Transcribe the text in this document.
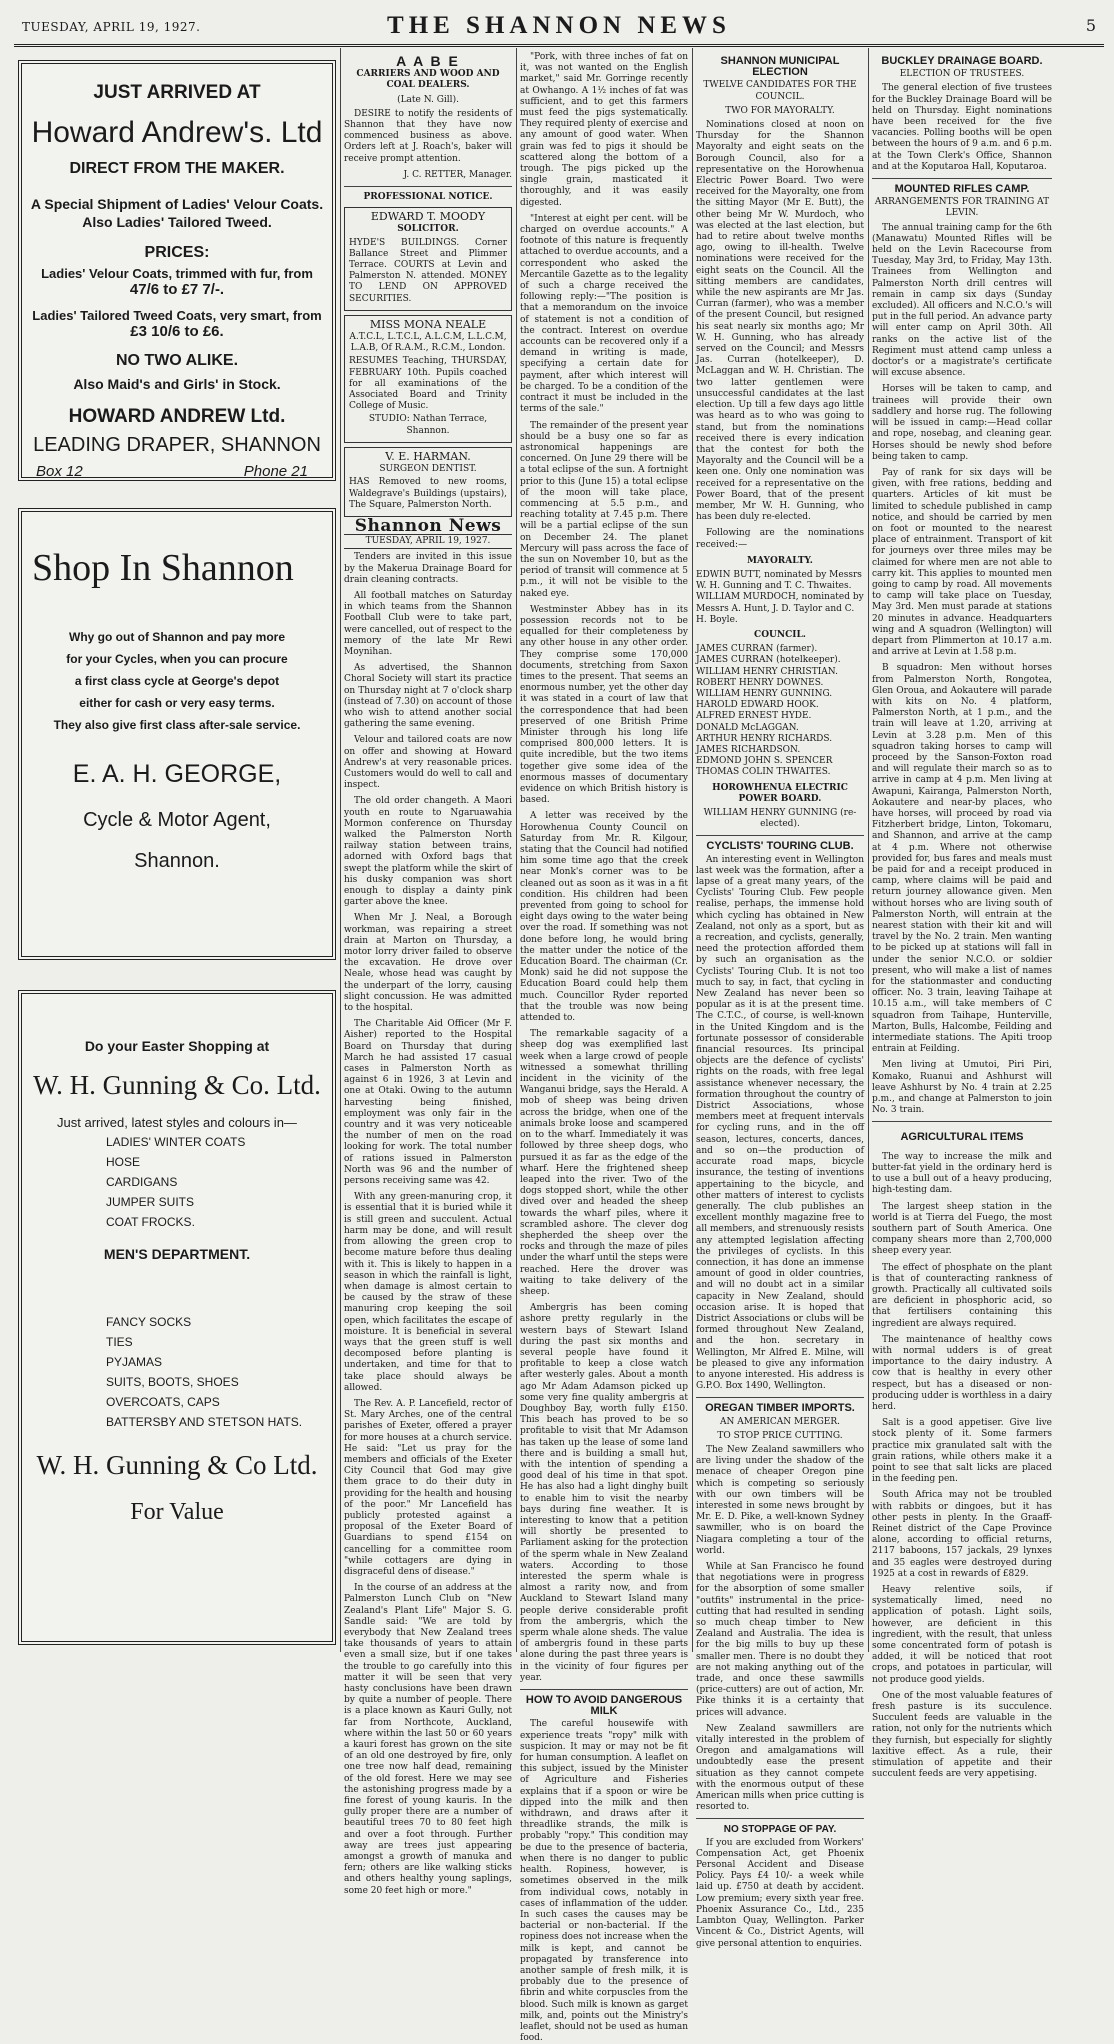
TUESDAY, APRIL 19, 1927.	THE SHANNON NEWS	5

JUST ARRIVED AT

Howard Andrew's. Ltd

DIRECT FROM THE MAKER.

A Special Shipment of Ladies' Velour Coats.

Also Ladies' Tailored Tweed.

PRICES:

Ladies' Velour Coats, trimmed with fur, from

47/6 to £7 7/-.

Ladies' Tailored Tweed Coats, very smart, from

£3 10/6 to £6.

NO TWO ALIKE.

Also Maid's and Girls' in Stock.

HOWARD ANDREW Ltd.

LEADING DRAPER, SHANNON

Box 12	Phone 21

Shop In Shannon

Why go out of Shannon and pay more

for your Cycles, when you can procure

a first class cycle at George's depot

either for cash or very easy terms.

They also give first class after-sale service.

E. A. H. GEORGE,

Cycle & Motor Agent,

Shannon.

Do your Easter Shopping at

W. H. Gunning & Co. Ltd.

Just arrived, latest styles and colours in—

LADIES' WINTER COATS
HOSE
CARDIGANS
JUMPER SUITS
COAT FROCKS.

MEN'S DEPARTMENT.

FANCY SOCKS
TIES
PYJAMAS
SUITS, BOOTS, SHOES
OVERCOATS, CAPS
BATTERSBY AND STETSON HATS.

W. H. Gunning & Co Ltd.

For Value

A A B E

CARRIERS AND WOOD AND COAL DEALERS.

(Late N. Gill).

DESIRE to notify the residents of Shannon that they have now commenced business as above. Orders left at J. Roach's, baker will receive prompt attention.

J. C. RETTER, Manager.

PROFESSIONAL NOTICE.

EDWARD T. MOODY

SOLICITOR.

HYDE'S BUILDINGS. Corner Ballance Street and Plimmer Terrace. COURTS at Levin and Palmerston N. attended. MONEY TO LEND ON APPROVED SECURITIES.

MISS MONA NEALE

A.T.C.L, L.T.C.L, A.L.C.M, L.L.C.M, L.A.B, Of R.A.M., R.C.M., London.

RESUMES Teaching, THURSDAY, FEBRUARY 10th. Pupils coached for all examinations of the Associated Board and Trinity College of Music.

STUDIO: Nathan Terrace, Shannon.

V. E. HARMAN.

SURGEON DENTIST.

HAS Removed to new rooms, Waldegrave's Buildings (upstairs), The Square, Palmerston North.

Shannon News

TUESDAY, APRIL 19, 1927.

Tenders are invited in this issue by the Makerua Drainage Board for drain cleaning contracts.

All football matches on Saturday in which teams from the Shannon Football Club were to take part, were cancelled, out of respect to the memory of the late Mr Rewi Moynihan.

As advertised, the Shannon Choral Society will start its practice on Thursday night at 7 o'clock sharp (instead of 7.30) on account of those who wish to attend another social gathering the same evening.

Velour and tailored coats are now on offer and showing at Howard Andrew's at very reasonable prices. Customers would do well to call and inspect.

The old order changeth. A Maori youth en route to Ngaruawahia Mormon conference on Thursday walked the Palmerston North railway station between trains, adorned with Oxford bags that swept the platform while the skirt of his dusky companion was short enough to display a dainty pink garter above the knee.

When Mr J. Neal, a Borough workman, was repairing a street drain at Marton on Thursday, a motor lorry driver failed to observe the excavation. He drove over Neale, whose head was caught by the underpart of the lorry, causing slight concussion. He was admitted to the hospital.

The Charitable Aid Officer (Mr F. Aisher) reported to the Hospital Board on Thursday that during March he had assisted 17 casual cases in Palmerston North as against 6 in 1926, 3 at Levin and one at Otaki. Owing to the autumn harvesting being finished, employment was only fair in the country and it was very noticeable the number of men on the road looking for work. The total number of rations issued in Palmerston North was 96 and the number of persons receiving same was 42.

With any green-manuring crop, it is essential that it is buried while it is still green and succulent. Actual harm may be done, and will result from allowing the green crop to become mature before thus dealing with it. This is likely to happen in a season in which the rainfall is light, when damage is almost certain to be caused by the straw of these manuring crop keeping the soil open, which facilitates the escape of moisture. It is beneficial in several ways that the green stuff is well decomposed before planting is undertaken, and time for that to take place should always be allowed.

The Rev. A. P. Lancefield, rector of St. Mary Arches, one of the central parishes of Exeter, offered a prayer for more houses at a church service. He said: "Let us pray for the members and officials of the Exeter City Council that God may give them grace to do their duty in providing for the health and housing of the poor." Mr Lancefield has publicly protested against a proposal of the Exeter Board of Guardians to spend £154 on cancelling for a committee room "while cottagers are dying in disgraceful dens of disease."

In the course of an address at the Palmerston Lunch Club on "New Zealand's Plant Life" Major S. G. Sandle said: "We are told by everybody that New Zealand trees take thousands of years to attain even a small size, but if one takes the trouble to go carefully into this matter it will be seen that very hasty conclusions have been drawn by quite a number of people. There is a place known as Kauri Gully, not far from Northcote, Auckland, where within the last 50 or 60 years a kauri forest has grown on the site of an old one destroyed by fire, only one tree now half dead, remaining of the old forest. Here we may see the astonishing progress made by a fine forest of young kauris. In the gully proper there are a number of beautiful trees 70 to 80 feet high and over a foot through. Further away are trees just appearing amongst a growth of manuka and fern; others are like walking sticks and others healthy young saplings, some 20 feet high or more."

"Pork, with three inches of fat on it, was not wanted on the English market," said Mr. Gorringe recently at Owhango. A 1½ inches of fat was sufficient, and to get this farmers must feed the pigs systematically. They required plenty of exercise and any amount of good water. When grain was fed to pigs it should be scattered along the bottom of a trough. The pigs picked up the single grain, masticated it thoroughly, and it was easily digested.

"Interest at eight per cent. will be charged on overdue accounts." A footnote of this nature is frequently attached to overdue accounts, and a correspondent who asked the Mercantile Gazette as to the legality of such a charge received the following reply:—"The position is that a memorandum on the invoice of statement is not a condition of the contract. Interest on overdue accounts can be recovered only if a demand in writing is made, specifying a certain date for payment, after which interest will be charged. To be a condition of the contract it must be included in the terms of the sale."

The remainder of the present year should be a busy one so far as astronomical happenings are concerned. On June 29 there will be a total eclipse of the sun. A fortnight prior to this (June 15) a total eclipse of the moon will take place, commencing at 5.5 p.m., and reaching totality at 7.45 p.m. There will be a partial eclipse of the sun on December 24. The planet Mercury will pass across the face of the sun on November 10, but as the period of transit will commence at 5 p.m., it will not be visible to the naked eye.

Westminster Abbey has in its possession records not to be equalled for their completeness by any other house in any other order. They comprise some 170,000 documents, stretching from Saxon times to the present. That seems an enormous number, yet the other day it was stated in a court of law that the correspondence that had been preserved of one British Prime Minister through his long life comprised 800,000 letters. It is quite incredible, but the two items together give some idea of the enormous masses of documentary evidence on which British history is based.

A letter was received by the Horowhenua County Council on Saturday from Mr. R. Kilgour, stating that the Council had notified him some time ago that the creek near Monk's corner was to be cleaned out as soon as it was in a fit condition. His children had been prevented from going to school for eight days owing to the water being over the road. If something was not done before long, he would bring the matter under the notice of the Education Board. The chairman (Cr. Monk) said he did not suppose the Education Board could help them much. Councillor Ryder reported that the trouble was now being attended to.

The remarkable sagacity of a sheep dog was exemplified last week when a large crowd of people witnessed a somewhat thrilling incident in the vicinity of the Wanganui bridge, says the Herald. A mob of sheep was being driven across the bridge, when one of the animals broke loose and scampered on to the wharf. Immediately it was followed by three sheep dogs, who pursued it as far as the edge of the wharf. Here the frightened sheep leaped into the river. Two of the dogs stopped short, while the other dived over and headed the sheep towards the wharf piles, where it scrambled ashore. The clever dog shepherded the sheep over the rocks and through the maze of piles under the wharf until the steps were reached. Here the drover was waiting to take delivery of the sheep.

Ambergris has been coming ashore pretty regularly in the western bays of Stewart Island during the past six months and several people have found it profitable to keep a close watch after westerly gales. About a month ago Mr Adam Adamson picked up some very fine quality ambergris at Doughboy Bay, worth fully £150. This beach has proved to be so profitable to visit that Mr Adamson has taken up the lease of some land there and is building a small hut, with the intention of spending a good deal of his time in that spot. He has also had a light dinghy built to enable him to visit the nearby bays during fine weather. It is interesting to know that a petition will shortly be presented to Parliament asking for the protection of the sperm whale in New Zealand waters. According to those interested the sperm whale is almost a rarity now, and from Auckland to Stewart Island many people derive considerable profit from the ambergris, which the sperm whale alone sheds. The value of ambergris found in these parts alone during the past three years is in the vicinity of four figures per year.

HOW TO AVOID DANGEROUS MILK

The careful housewife with experience treats "ropy" milk with suspicion. It may or may not be fit for human consumption. A leaflet on this subject, issued by the Minister of Agriculture and Fisheries explains that if a spoon or wire be dipped into the milk and then withdrawn, and draws after it threadlike strands, the milk is probably "ropy." This condition may be due to the presence of bacteria, when there is no danger to public health. Ropiness, however, is sometimes observed in the milk from individual cows, notably in cases of inflammation of the udder. In such cases the causes may be bacterial or non-bacterial. If the ropiness does not increase when the milk is kept, and cannot be propagated by transference into another sample of fresh milk, it is probably due to the presence of fibrin and white corpuscles from the blood. Such milk is known as garget milk, and, points out the Ministry's leaflet, should not be used as human food.

SHANNON MUNICIPAL ELECTION

TWELVE CANDIDATES FOR THE COUNCIL.

TWO FOR MAYORALTY.

Nominations closed at noon on Thursday for the Shannon Mayoralty and eight seats on the Borough Council, also for a representative on the Horowhenua Electric Power Board. Two were received for the Mayoralty, one from the sitting Mayor (Mr E. Butt), the other being Mr W. Murdoch, who was elected at the last election, but had to retire about twelve months ago, owing to ill-health. Twelve nominations were received for the eight seats on the Council. All the sitting members are candidates, while the new aspirants are Mr Jas. Curran (farmer), who was a member of the present Council, but resigned his seat nearly six months ago; Mr W. H. Gunning, who has already served on the Council; and Messrs Jas. Curran (hotelkeeper), D. McLaggan and W. H. Christian. The two latter gentlemen were unsuccessful candidates at the last election. Up till a few days ago little was heard as to who was going to stand, but from the nominations received there is every indication that the contest for both the Mayoralty and the Council will be a keen one. Only one nomination was received for a representative on the Power Board, that of the present member, Mr W. H. Gunning, who has been duly re-elected.

Following are the nominations received:—

MAYORALTY.

EDWIN BUTT, nominated by Messrs W. H. Gunning and T. C. Thwaites.

WILLIAM MURDOCH, nominated by Messrs A. Hunt, J. D. Taylor and C. H. Boyle.

COUNCIL.

JAMES CURRAN (farmer).
JAMES CURRAN (hotelkeeper).
WILLIAM HENRY CHRISTIAN.
ROBERT HENRY DOWNES.
WILLIAM HENRY GUNNING.
HAROLD EDWARD HOOK.
ALFRED ERNEST HYDE.
DONALD McLAGGAN.
ARTHUR HENRY RICHARDS.
JAMES RICHARDSON.
EDMOND JOHN S. SPENCER
THOMAS COLIN THWAITES.

HOROWHENUA ELECTRIC POWER BOARD.

WILLIAM HENRY GUNNING (re-elected).

CYCLISTS' TOURING CLUB.

An interesting event in Wellington last week was the formation, after a lapse of a great many years, of the Cyclists' Touring Club. Few people realise, perhaps, the immense hold which cycling has obtained in New Zealand, not only as a sport, but as a recreation, and cyclists, generally, need the protection afforded them by such an organisation as the Cyclists' Touring Club. It is not too much to say, in fact, that cycling in New Zealand has never been so popular as it is at the present time. The C.T.C., of course, is well-known in the United Kingdom and is the fortunate possessor of considerable financial resources. Its principal objects are the defence of cyclists' rights on the roads, with free legal assistance whenever necessary, the formation throughout the country of District Associations, whose members meet at frequent intervals for cycling runs, and in the off season, lectures, concerts, dances, and so on—the production of accurate road maps, bicycle insurance, the testing of inventions appertaining to the bicycle, and other matters of interest to cyclists generally. The club publishes an excellent monthly magazine free to all members, and strenuously resists any attempted legislation affecting the privileges of cyclists. In this connection, it has done an immense amount of good in older countries, and will no doubt act in a similar capacity in New Zealand, should occasion arise. It is hoped that District Associations or clubs will be formed throughout New Zealand, and the hon. secretary in Wellington, Mr Alfred E. Milne, will be pleased to give any information to anyone interested. His address is G.P.O. Box 1490, Wellington.

OREGAN TIMBER IMPORTS.

AN AMERICAN MERGER.

TO STOP PRICE CUTTING.

The New Zealand sawmillers who are living under the shadow of the menace of cheaper Oregon pine which is competing so seriously with our own timbers will be interested in some news brought by Mr. E. D. Pike, a well-known Sydney sawmiller, who is on board the Niagara completing a tour of the world.

While at San Francisco he found that negotiations were in progress for the absorption of some smaller "outfits" instrumental in the price-cutting that had resulted in sending so much cheap timber to New Zealand and Australia. The idea is for the big mills to buy up these smaller men. There is no doubt they are not making anything out of the trade, and once these sawmills (price-cutters) are out of action, Mr. Pike thinks it is a certainty that prices will advance.

New Zealand sawmillers are vitally interested in the problem of Oregon and amalgamations will undoubtedly ease the present situation as they cannot compete with the enormous output of these American mills when price cutting is resorted to.

NO STOPPAGE OF PAY.

If you are excluded from Workers' Compensation Act, get Phoenix Personal Accident and Disease Policy. Pays £4 10/- a week while laid up. £750 at death by accident. Low premium; every sixth year free. Phoenix Assurance Co., Ltd., 235 Lambton Quay, Wellington. Parker Vincent & Co., District Agents, will give personal attention to enquiries.

BUCKLEY DRAINAGE BOARD.

ELECTION OF TRUSTEES.

The general election of five trustees for the Buckley Drainage Board will be held on Thursday. Eight nominations have been received for the five vacancies. Polling booths will be open between the hours of 9 a.m. and 6 p.m. at the Town Clerk's Office, Shannon and at the Koputaroa Hall, Koputaroa.

MOUNTED RIFLES CAMP.

ARRANGEMENTS FOR TRAINING AT LEVIN.

The annual training camp for the 6th (Manawatu) Mounted Rifles will be held on the Levin Racecourse from Tuesday, May 3rd, to Friday, May 13th. Trainees from Wellington and Palmerston North drill centres will remain in camp six days (Sunday excluded). All officers and N.C.O.'s will put in the full period. An advance party will enter camp on April 30th. All ranks on the active list of the Regiment must attend camp unless a doctor's or a magistrate's certificate will excuse absence.

Horses will be taken to camp, and trainees will provide their own saddlery and horse rug. The following will be issued in camp:—Head collar and rope, nosebag, and cleaning gear. Horses should be newly shod before being taken to camp.

Pay of rank for six days will be given, with free rations, bedding and quarters. Articles of kit must be limited to schedule published in camp notice, and should be carried by men on foot or mounted to the nearest place of entrainment. Transport of kit for journeys over three miles may be claimed for where men are not able to carry kit. This applies to mounted men going to camp by road. All movements to camp will take place on Tuesday, May 3rd. Men must parade at stations 20 minutes in advance. Headquarters wing and A squadron (Wellington) will depart from Plimmerton at 10.17 a.m. and arrive at Levin at 1.58 p.m.

B squadron: Men without horses from Palmerston North, Rongotea, Glen Oroua, and Aokautere will parade with kits on No. 4 platform, Palmerston North, at 1 p.m., and the train will leave at 1.20, arriving at Levin at 3.28 p.m. Men of this squadron taking horses to camp will proceed by the Sanson-Foxton road and will regulate their march so as to arrive in camp at 4 p.m. Men living at Awapuni, Kairanga, Palmerston North, Aokautere and near-by places, who have horses, will proceed by road via Fitzherbert bridge, Linton, Tokomaru, and Shannon, and arrive at the camp at 4 p.m. Where not otherwise provided for, bus fares and meals must be paid for and a receipt produced in camp, where claims will be paid and return journey allowance given. Men without horses who are living south of Palmerston North, will entrain at the nearest station with their kit and will travel by the No. 2 train. Men wanting to be picked up at stations will fall in under the senior N.C.O. or soldier present, who will make a list of names for the stationmaster and conducting officer. No. 3 train, leaving Taihape at 10.15 a.m., will take members of C squadron from Taihape, Hunterville, Marton, Bulls, Halcombe, Feilding and intermediate stations. The Apiti troop entrain at Feilding.

Men living at Umutoi, Piri Piri, Komako, Ruanui and Ashhurst will leave Ashhurst by No. 4 train at 2.25 p.m., and change at Palmerston to join No. 3 train.

AGRICULTURAL ITEMS

The way to increase the milk and butter-fat yield in the ordinary herd is to use a bull out of a heavy producing, high-testing dam.

The largest sheep station in the world is at Tierra del Fuego, the most southern part of South America. One company shears more than 2,700,000 sheep every year.

The effect of phosphate on the plant is that of counteracting rankness of growth. Practically all cultivated soils are deficient in phosphoric acid, so that fertilisers containing this ingredient are always required.

The maintenance of healthy cows with normal udders is of great importance to the dairy industry. A cow that is healthy in every other respect, but has a diseased or non-producing udder is worthless in a dairy herd.

Salt is a good appetiser. Give live stock plenty of it. Some farmers practice mix granulated salt with the grain rations, while others make it a point to see that salt licks are placed in the feeding pen.

South Africa may not be troubled with rabbits or dingoes, but it has other pests in plenty. In the Graaff-Reinet district of the Cape Province alone, according to official returns, 2117 baboons, 157 jackals, 29 lynxes and 35 eagles were destroyed during 1925 at a cost in rewards of £829.

Heavy relentive soils, if systematically limed, need no application of potash. Light soils, however, are deficient in this ingredient, with the result, that unless some concentrated form of potash is added, it will be noticed that root crops, and potatoes in particular, will not produce good yields.

One of the most valuable features of fresh pasture is its succulence. Succulent feeds are valuable in the ration, not only for the nutrients which they furnish, but especially for slightly laxitive effect. As a rule, their stimulation of appetite and their succulent feeds are very appetising.
